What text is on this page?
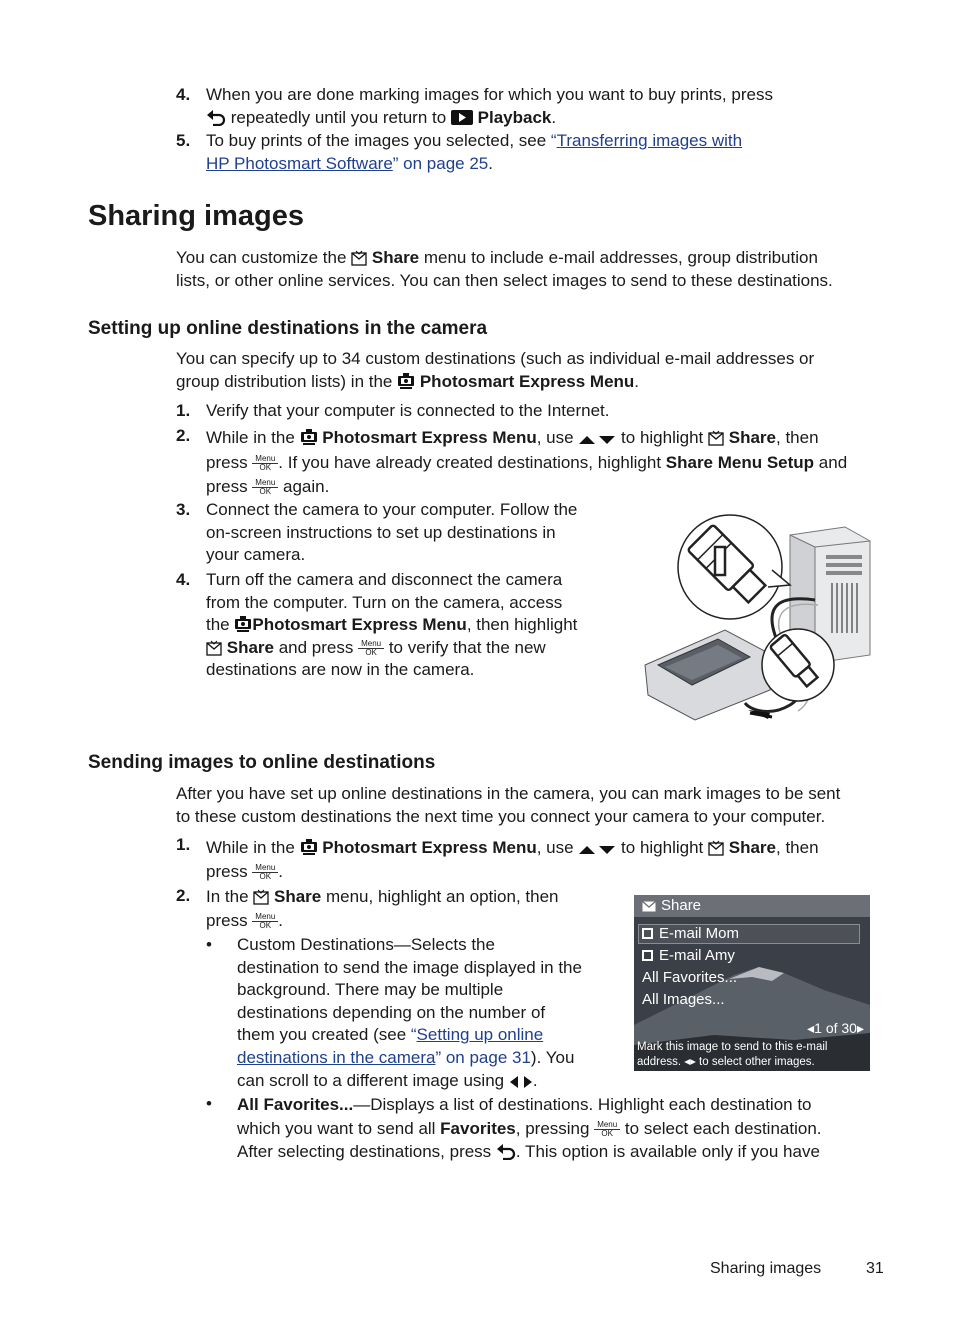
4. When you are done marking images for which you want to buy prints, press
repeatedly until you return to  Playback.
5. To buy prints of the images you selected, see “Transferring images with
HP Photosmart Software” on page 25.
Sharing images
You can customize the  Share menu to include e-mail addresses, group distribution
lists, or other online services. You can then select images to send to these destinations.
Setting up online destinations in the camera
You can specify up to 34 custom destinations (such as individual e-mail addresses or
group distribution lists) in the  Photosmart Express Menu.
1. Verify that your computer is connected to the Internet.
2. While in the  Photosmart Express Menu, use  to highlight  Share, then
press Menu
OK . If you have already created destinations, highlight Share Menu Setup and
press Menu
OK again.
3. Connect the camera to your computer. Follow the
on-screen instructions to set up destinations in
your camera.
4. Turn off the camera and disconnect the camera
from the computer. Turn on the camera, access
the Photosmart Express Menu, then highlight
Share and press Menu
OK to verify that the new
destinations are now in the camera.
Sending images to online destinations
After you have set up online destinations in the camera, you can mark images to be sent
to these custom destinations the next time you connect your camera to your computer.
1. While in the  Photosmart Express Menu, use  to highlight  Share, then
press Menu
OK .
2. In the  Share menu, highlight an option, then
press Menu
OK .
• Custom Destinations—Selects the
destination to send the image displayed in the
background. There may be multiple
destinations depending on the number of
them you created (see “Setting up online
destinations in the camera” on page 31). You
can scroll to a different image using .
Share
E-mail Mom
E-mail Amy
All Favorites...
All Images...
◂1 of 30▸
Mark this image to send to this e-mail
address. ◂▸ to select other images.
• All Favorites...—Displays a list of destinations. Highlight each destination to
which you want to send all Favorites, pressing Menu
OK to select each destination.
After selecting destinations, press . This option is available only if you have
Sharing images	31
